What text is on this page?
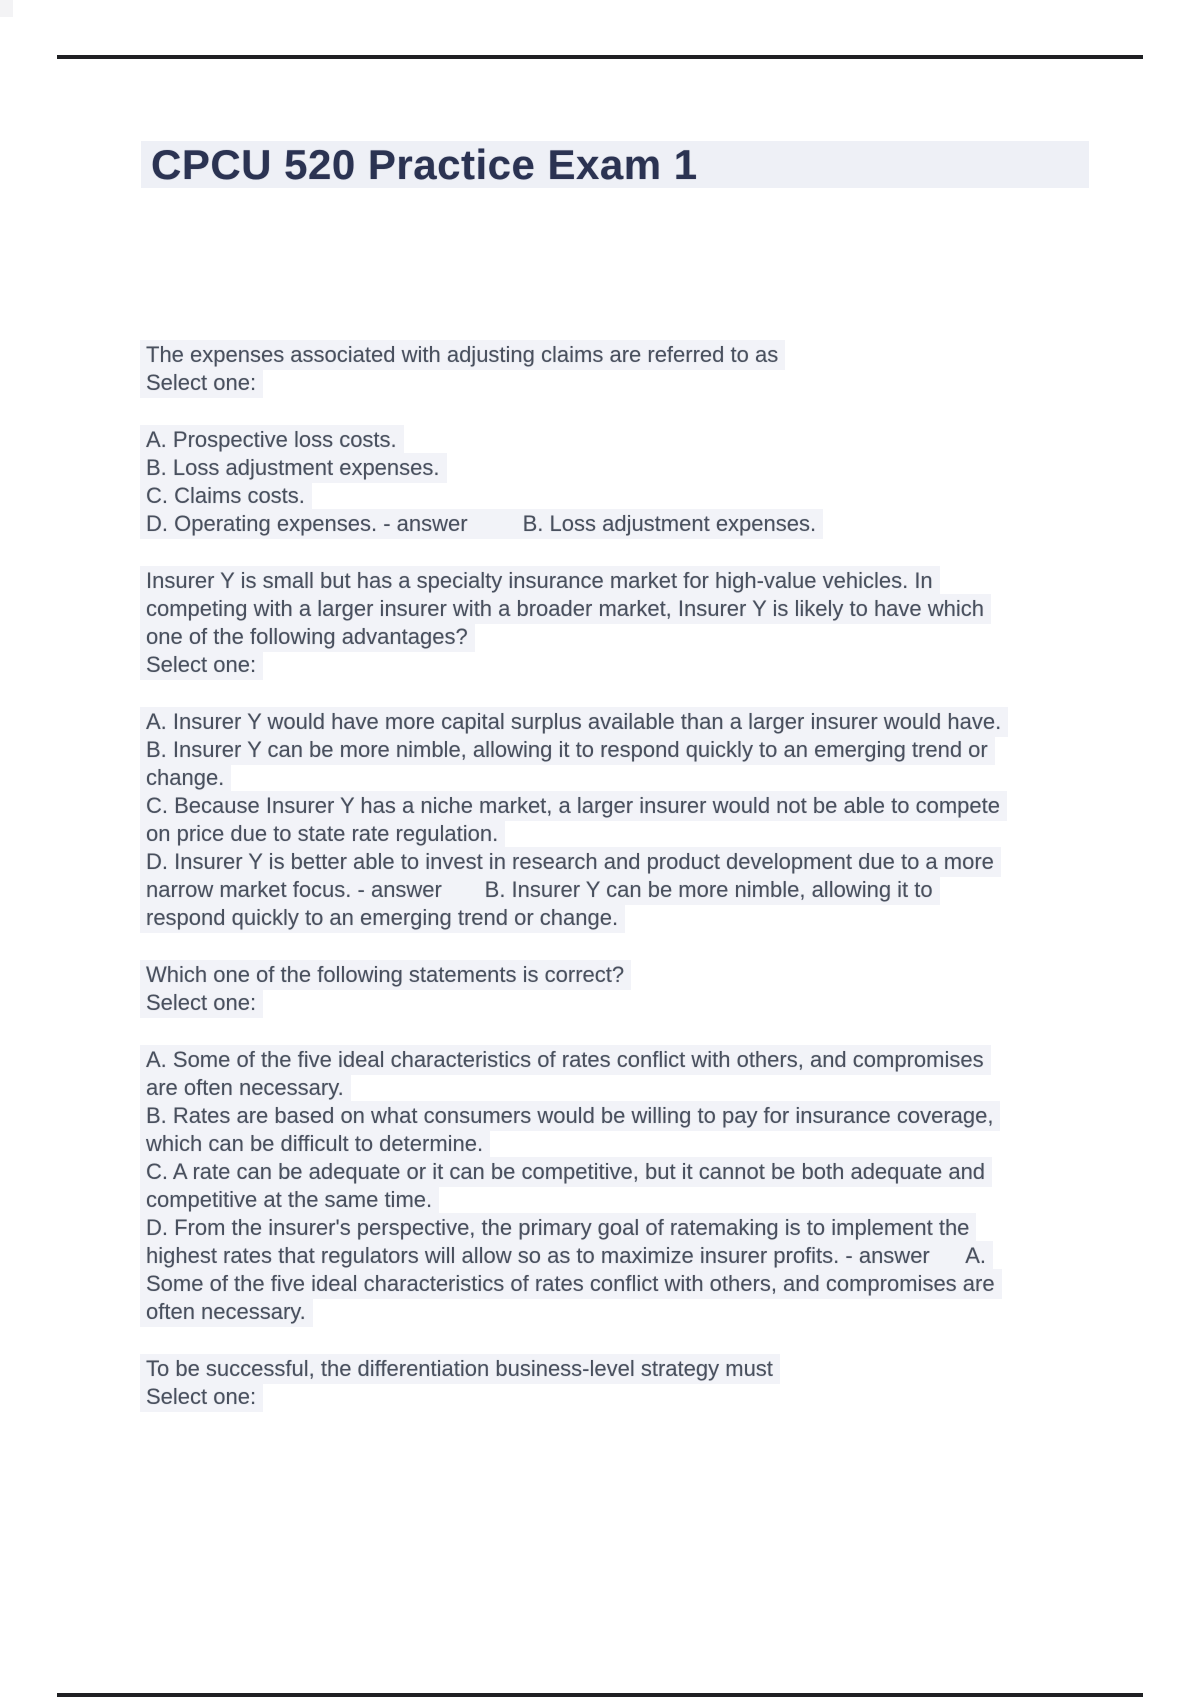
CPCU 520 Practice Exam 1
The expenses associated with adjusting claims are referred to as
Select one:
A. Prospective loss costs.
B. Loss adjustment expenses.
C. Claims costs.
D. Operating expenses. - answer         B. Loss adjustment expenses.
Insurer Y is small but has a specialty insurance market for high-value vehicles. In
competing with a larger insurer with a broader market, Insurer Y is likely to have which
one of the following advantages?
Select one:
A. Insurer Y would have more capital surplus available than a larger insurer would have.
B. Insurer Y can be more nimble, allowing it to respond quickly to an emerging trend or
change.
C. Because Insurer Y has a niche market, a larger insurer would not be able to compete
on price due to state rate regulation.
D. Insurer Y is better able to invest in research and product development due to a more
narrow market focus. - answer       B. Insurer Y can be more nimble, allowing it to
respond quickly to an emerging trend or change.
Which one of the following statements is correct?
Select one:
A. Some of the five ideal characteristics of rates conflict with others, and compromises
are often necessary.
B. Rates are based on what consumers would be willing to pay for insurance coverage,
which can be difficult to determine.
C. A rate can be adequate or it can be competitive, but it cannot be both adequate and
competitive at the same time.
D. From the insurer's perspective, the primary goal of ratemaking is to implement the
highest rates that regulators will allow so as to maximize insurer profits. - answer      A.
Some of the five ideal characteristics of rates conflict with others, and compromises are
often necessary.
To be successful, the differentiation business-level strategy must
Select one:
